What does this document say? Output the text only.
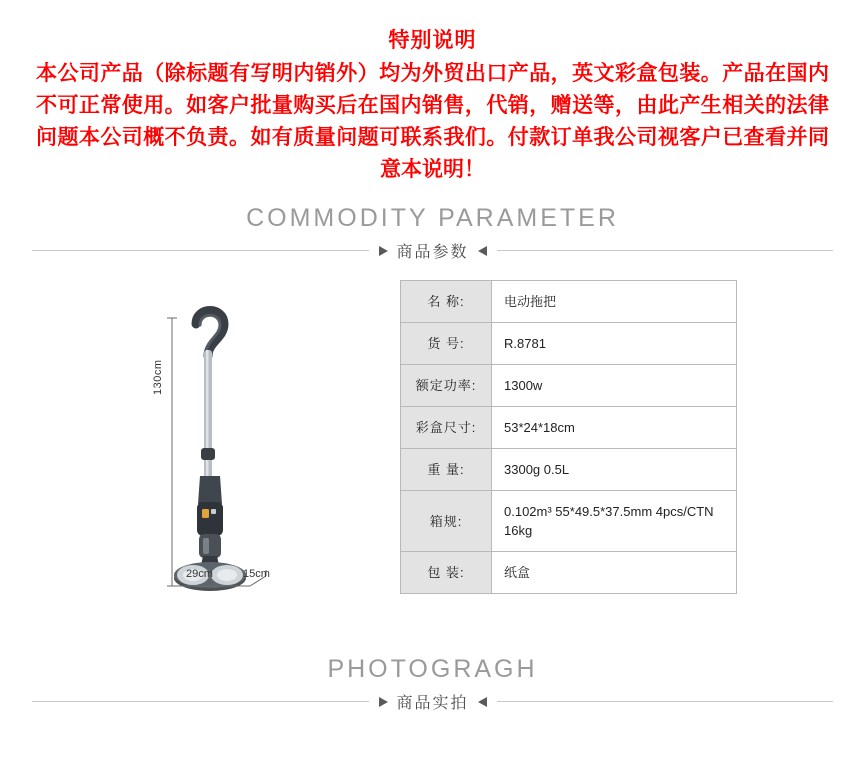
特别说明
本公司产品（除标题有写明内销外）均为外贸出口产品，英文彩盒包装。产品在国内不可正常使用。如客户批量购买后在国内销售，代销，赠送等，由此产生相关的法律问题本公司概不负责。如有质量问题可联系我们。付款订单我公司视客户已查看并同意本说明！
COMMODITY PARAMETER
商品参数
130cm
29cm	15cm
名 称:	电动拖把
货 号:	R.8781
额定功率:	1300w
彩盒尺寸:	53*24*18cm
重 量:	3300g 0.5L
箱规:	0.102m³ 55*49.5*37.5mm 4pcs/CTN 16kg
包 装:	纸盒
PHOTOGRAGH
商品实拍
